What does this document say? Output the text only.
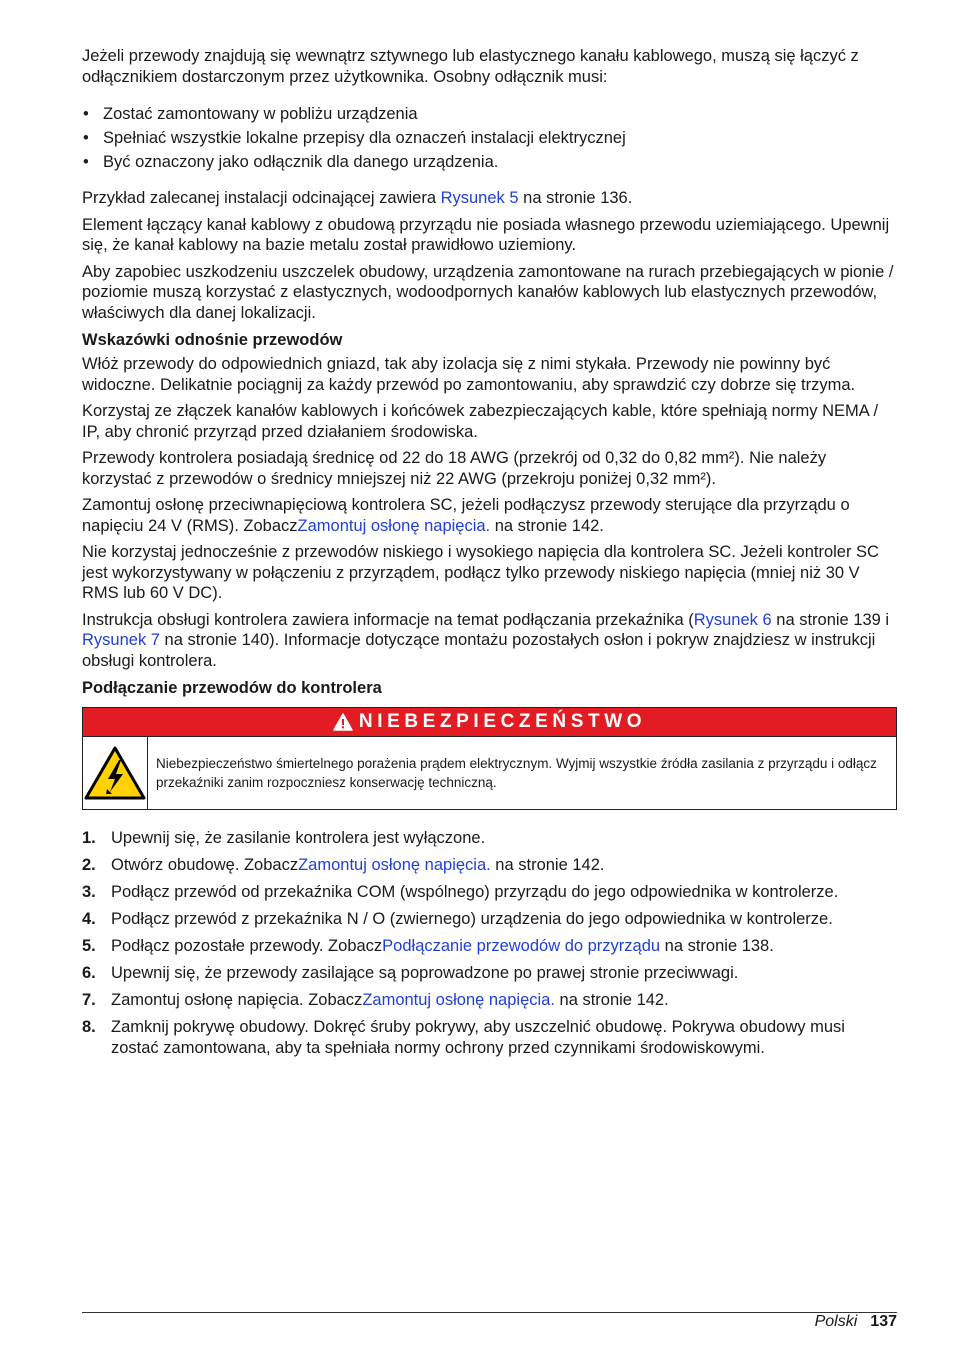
Jeżeli przewody znajdują się wewnątrz sztywnego lub elastycznego kanału kablowego, muszą się łączyć z odłącznikiem dostarczonym przez użytkownika. Osobny odłącznik musi:

• Zostać zamontowany w pobliżu urządzenia
• Spełniać wszystkie lokalne przepisy dla oznaczeń instalacji elektrycznej
• Być oznaczony jako odłącznik dla danego urządzenia.

Przykład zalecanej instalacji odcinającej zawiera Rysunek 5 na stronie 136.

Element łączący kanał kablowy z obudową przyrządu nie posiada własnego przewodu uziemiającego. Upewnij się, że kanał kablowy na bazie metalu został prawidłowo uziemiony.

Aby zapobiec uszkodzeniu uszczelek obudowy, urządzenia zamontowane na rurach przebiegających w pionie / poziomie muszą korzystać z elastycznych, wodoodpornych kanałów kablowych lub elastycznych przewodów, właściwych dla danej lokalizacji.

Wskazówki odnośnie przewodów

Włóż przewody do odpowiednich gniazd, tak aby izolacja się z nimi stykała. Przewody nie powinny być widoczne. Delikatnie pociągnij za każdy przewód po zamontowaniu, aby sprawdzić czy dobrze się trzyma.

Korzystaj ze złączek kanałów kablowych i końcówek zabezpieczających kable, które spełniają normy NEMA / IP, aby chronić przyrząd przed działaniem środowiska.

Przewody kontrolera posiadają średnicę od 22 do 18 AWG (przekrój od 0,32 do 0,82 mm²). Nie należy korzystać z przewodów o średnicy mniejszej niż 22 AWG (przekroju poniżej 0,32 mm²).

Zamontuj osłonę przeciwnapięciową kontrolera SC, jeżeli podłączysz przewody sterujące dla przyrządu o napięciu 24 V (RMS). ZobaczZamontuj osłonę napięcia. na stronie 142.

Nie korzystaj jednocześnie z przewodów niskiego i wysokiego napięcia dla kontrolera SC. Jeżeli kontroler SC jest wykorzystywany w połączeniu z przyrządem, podłącz tylko przewody niskiego napięcia (mniej niż 30 V RMS lub 60 V DC).

Instrukcja obsługi kontrolera zawiera informacje na temat podłączania przekaźnika (Rysunek 6 na stronie 139 i Rysunek 7 na stronie 140). Informacje dotyczące montażu pozostałych osłon i pokryw znajdziesz w instrukcji obsługi kontrolera.

Podłączanie przewodów do kontrolera
NIEBEZPIECZEŃSTWO
Niebezpieczeństwo śmiertelnego porażenia prądem elektrycznym. Wyjmij wszystkie źródła zasilania z przyrządu i odłącz przekaźniki zanim rozpoczniesz konserwację techniczną.
1. Upewnij się, że zasilanie kontrolera jest wyłączone.
2. Otwórz obudowę. ZobaczZamontuj osłonę napięcia. na stronie 142.
3. Podłącz przewód od przekaźnika COM (wspólnego) przyrządu do jego odpowiednika w kontrolerze.
4. Podłącz przewód z przekaźnika N / O (zwiernego) urządzenia do jego odpowiednika w kontrolerze.
5. Podłącz pozostałe przewody. ZobaczPodłączanie przewodów do przyrządu na stronie 138.
6. Upewnij się, że przewody zasilające są poprowadzone po prawej stronie przeciwwagi.
7. Zamontuj osłonę napięcia. ZobaczZamontuj osłonę napięcia. na stronie 142.
8. Zamknij pokrywę obudowy. Dokręć śruby pokrywy, aby uszczelnić obudowę. Pokrywa obudowy musi zostać zamontowana, aby ta spełniała normy ochrony przed czynnikami środowiskowymi.
Polski 137
